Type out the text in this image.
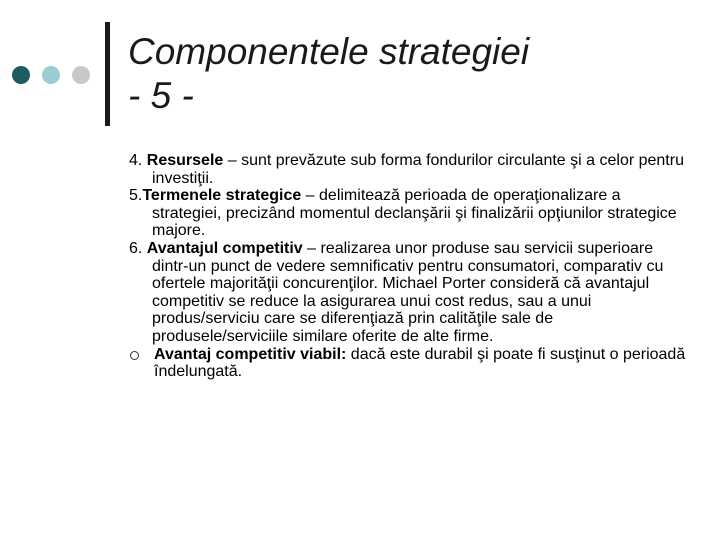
Componentele strategiei
- 5 -
4. Resursele – sunt prevăzute sub forma fondurilor circulante şi a celor pentru investiţii.
5.Termenele strategice – delimitează perioada de operaţionalizare a strategiei, precizând momentul declanşării şi finalizării opţiunilor strategice majore.
6. Avantajul competitiv – realizarea unor produse sau servicii superioare dintr-un punct de vedere semnificativ pentru consumatori, comparativ cu ofertele majorităţii concurenţilor. Michael Porter consideră că avantajul competitiv se reduce la asigurarea unui cost redus, sau a unui produs/serviciu care se diferenţiază prin calităţile sale de produsele/serviciile similare oferite de alte firme.
Avantaj competitiv viabil: dacă este durabil şi poate fi susţinut o perioadă îndelungată.
